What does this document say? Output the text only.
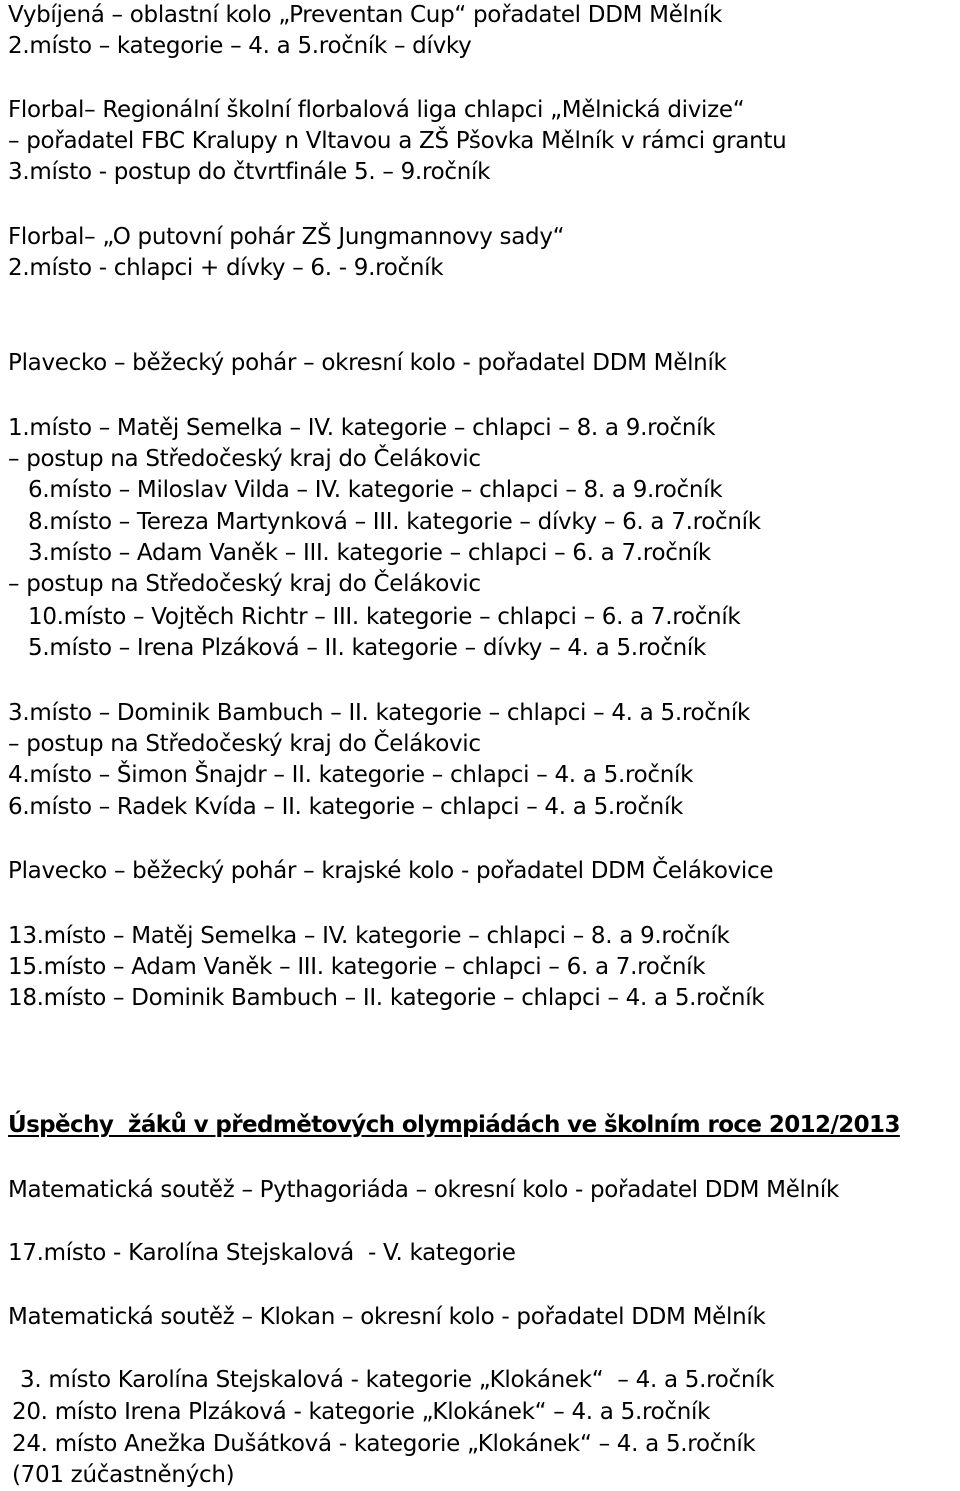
Vybíjená – oblastní kolo „Preventan Cup“ pořadatel DDM Mělník

2.místo – kategorie – 4. a 5.ročník – dívky

Florbal– Regionální školní florbalová liga chlapci „Mělnická divize“

– pořadatel FBC Kralupy n Vltavou a ZŠ Pšovka Mělník v rámci grantu

3.místo - postup do čtvrtfinále 5. – 9.ročník

Florbal– „O putovní pohár ZŠ Jungmannovy sady“

2.místo - chlapci + dívky – 6. - 9.ročník

Plavecko – běžecký pohár – okresní kolo - pořadatel DDM Mělník

1.místo – Matěj Semelka – IV. kategorie – chlapci – 8. a 9.ročník

– postup na Středočeský kraj do Čelákovic

6.místo – Miloslav Vilda – IV. kategorie – chlapci – 8. a 9.ročník

8.místo – Tereza Martynková – III. kategorie – dívky – 6. a 7.ročník

3.místo – Adam Vaněk – III. kategorie – chlapci – 6. a 7.ročník

– postup na Středočeský kraj do Čelákovic

10.místo – Vojtěch Richtr – III. kategorie – chlapci – 6. a 7.ročník

5.místo – Irena Plzáková – II. kategorie – dívky – 4. a 5.ročník

3.místo – Dominik Bambuch – II. kategorie – chlapci – 4. a 5.ročník

– postup na Středočeský kraj do Čelákovic

4.místo – Šimon Šnajdr – II. kategorie – chlapci – 4. a 5.ročník

6.místo – Radek Kvída – II. kategorie – chlapci – 4. a 5.ročník

Plavecko – běžecký pohár – krajské kolo - pořadatel DDM Čelákovice

13.místo – Matěj Semelka – IV. kategorie – chlapci – 8. a 9.ročník

15.místo – Adam Vaněk – III. kategorie – chlapci – 6. a 7.ročník

18.místo – Dominik Bambuch – II. kategorie – chlapci – 4. a 5.ročník

Úspěchy  žáků v předmětových olympiádách ve školním roce 2012/2013

Matematická soutěž – Pythagoriáda – okresní kolo - pořadatel DDM Mělník

17.místo - Karolína Stejskalová  - V. kategorie

Matematická soutěž – Klokan – okresní kolo - pořadatel DDM Mělník

3. místo Karolína Stejskalová - kategorie „Klokánek“  – 4. a 5.ročník

20. místo Irena Plzáková - kategorie „Klokánek“ – 4. a 5.ročník

24. místo Anežka Dušátková - kategorie „Klokánek“ – 4. a 5.ročník

(701 zúčastněných)
